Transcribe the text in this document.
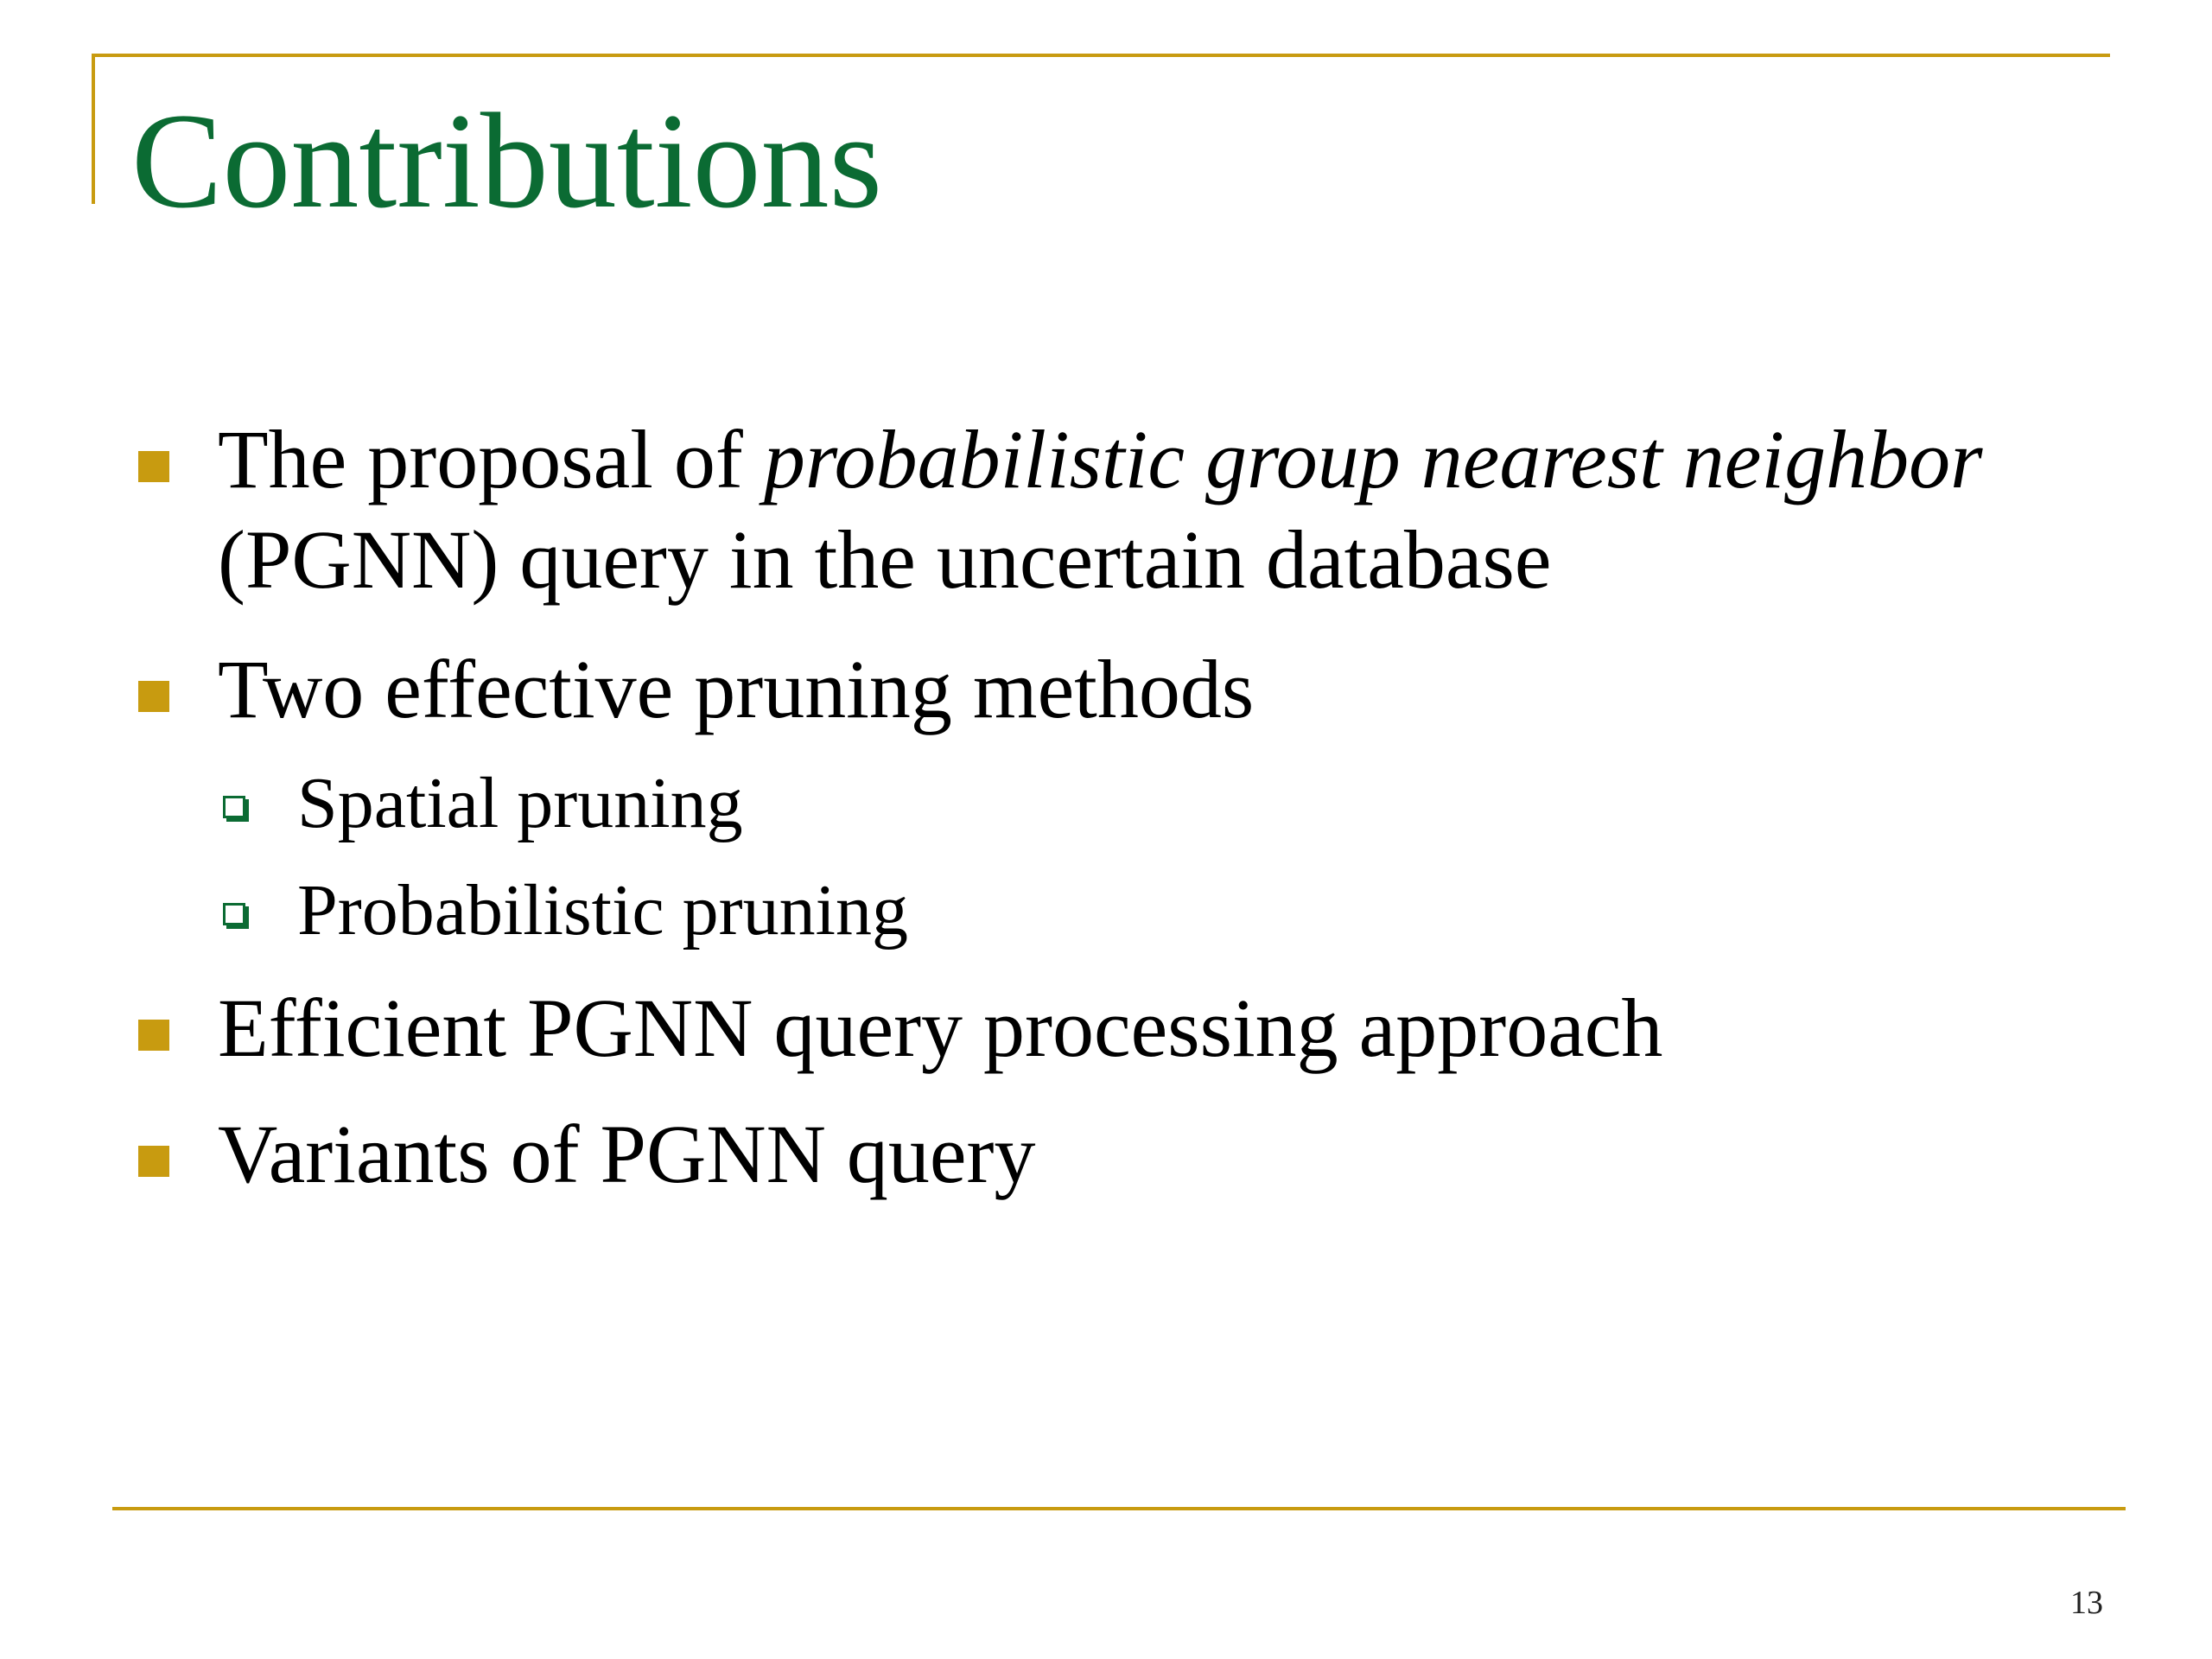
Contributions
The proposal of probabilistic group nearest neighbor
(PGNN) query in the uncertain database
Two effective pruning methods
Spatial pruning
Probabilistic pruning
Efficient PGNN query processing approach
Variants of PGNN query
13
